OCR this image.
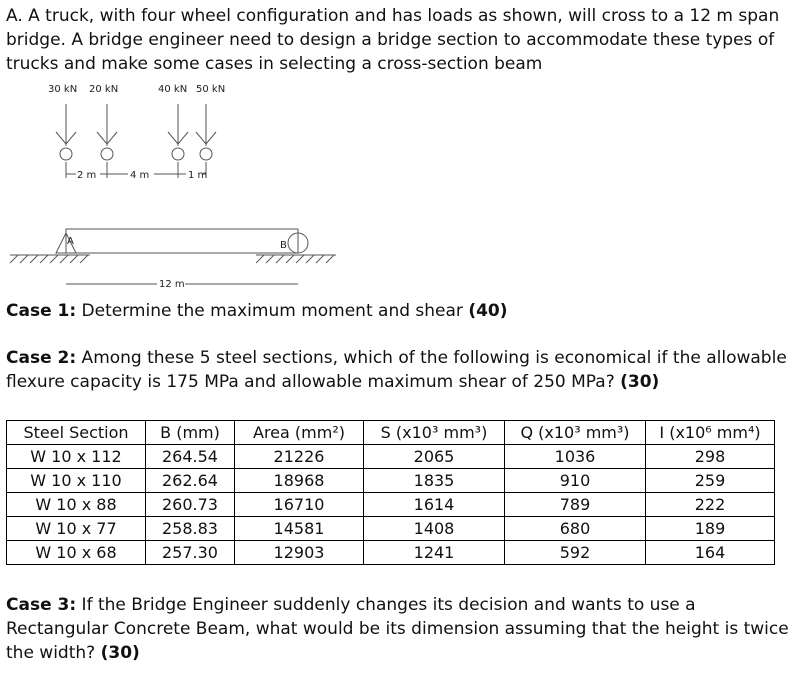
A. A truck, with four wheel configuration and has loads as shown, will cross to a 12 m span bridge. A bridge engineer need to design a bridge section to accommodate these types of trucks and make some cases in selecting a cross-section beam

30 kN 20 kN	40 kN 50 kN
2 m	4 m	1 m
A	B
12 m

Case 1: Determine the maximum moment and shear (40)

Case 2: Among these 5 steel sections, which of the following is economical if the allowable flexure capacity is 175 MPa and allowable maximum shear of 250 MPa? (30)

Steel Section	B (mm)	Area (mm²)	S (x10³ mm³)	Q (x10³ mm³)	I (x10⁶ mm⁴)
W 10 x 112	264.54	21226	2065	1036	298
W 10 x 110	262.64	18968	1835	910	259
W 10 x 88	260.73	16710	1614	789	222
W 10 x 77	258.83	14581	1408	680	189
W 10 x 68	257.30	12903	1241	592	164

Case 3: If the Bridge Engineer suddenly changes its decision and wants to use a Rectangular Concrete Beam, what would be its dimension assuming that the height is twice the width? (30)
